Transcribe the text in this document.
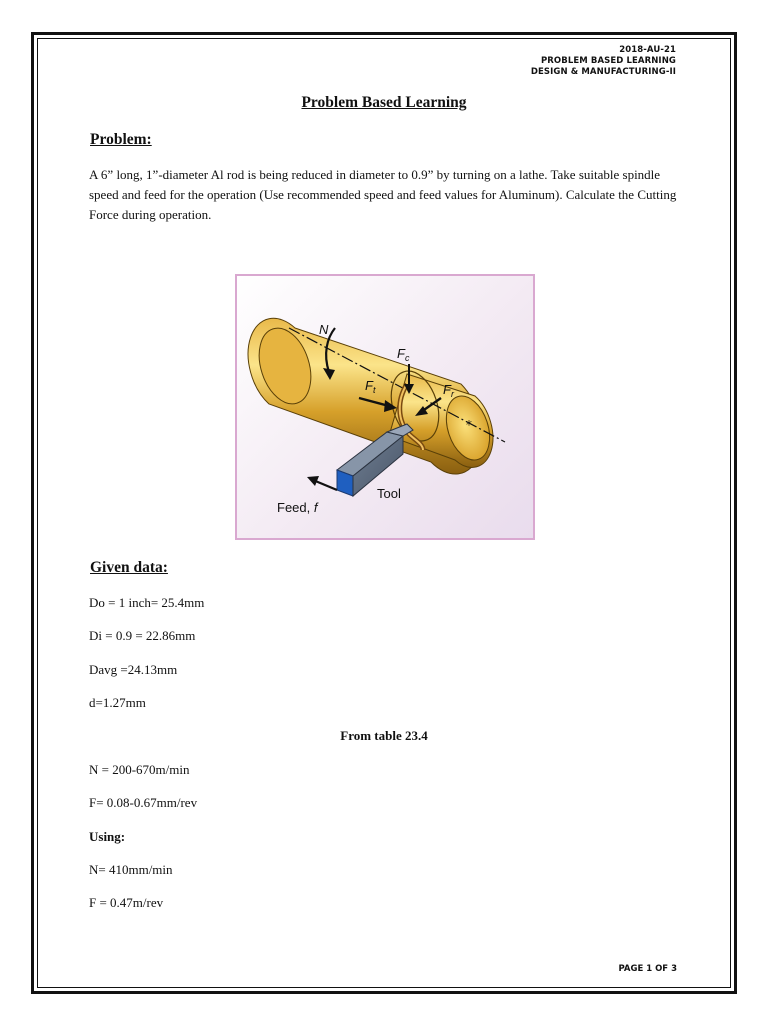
2018-AU-21
PROBLEM BASED LEARNING
DESIGN & MANUFACTURING-II
Problem Based Learning
Problem:
A 6” long, 1”-diameter Al rod is being reduced in diameter to 0.9” by turning on a lathe. Take suitable spindle speed and feed for the operation (Use recommended speed and feed values for Aluminum). Calculate the Cutting Force during operation.
*
N
$F_c$
$F_t$	$F_r$
Feed, f
Tool
Given data:
Do = 1 inch= 25.4mm
Di = 0.9 = 22.86mm
Davg =24.13mm
d=1.27mm
From table 23.4
N = 200-670m/min
F= 0.08-0.67mm/rev
Using:
N= 410mm/min
F = 0.47m/rev
PAGE 1 OF 3
